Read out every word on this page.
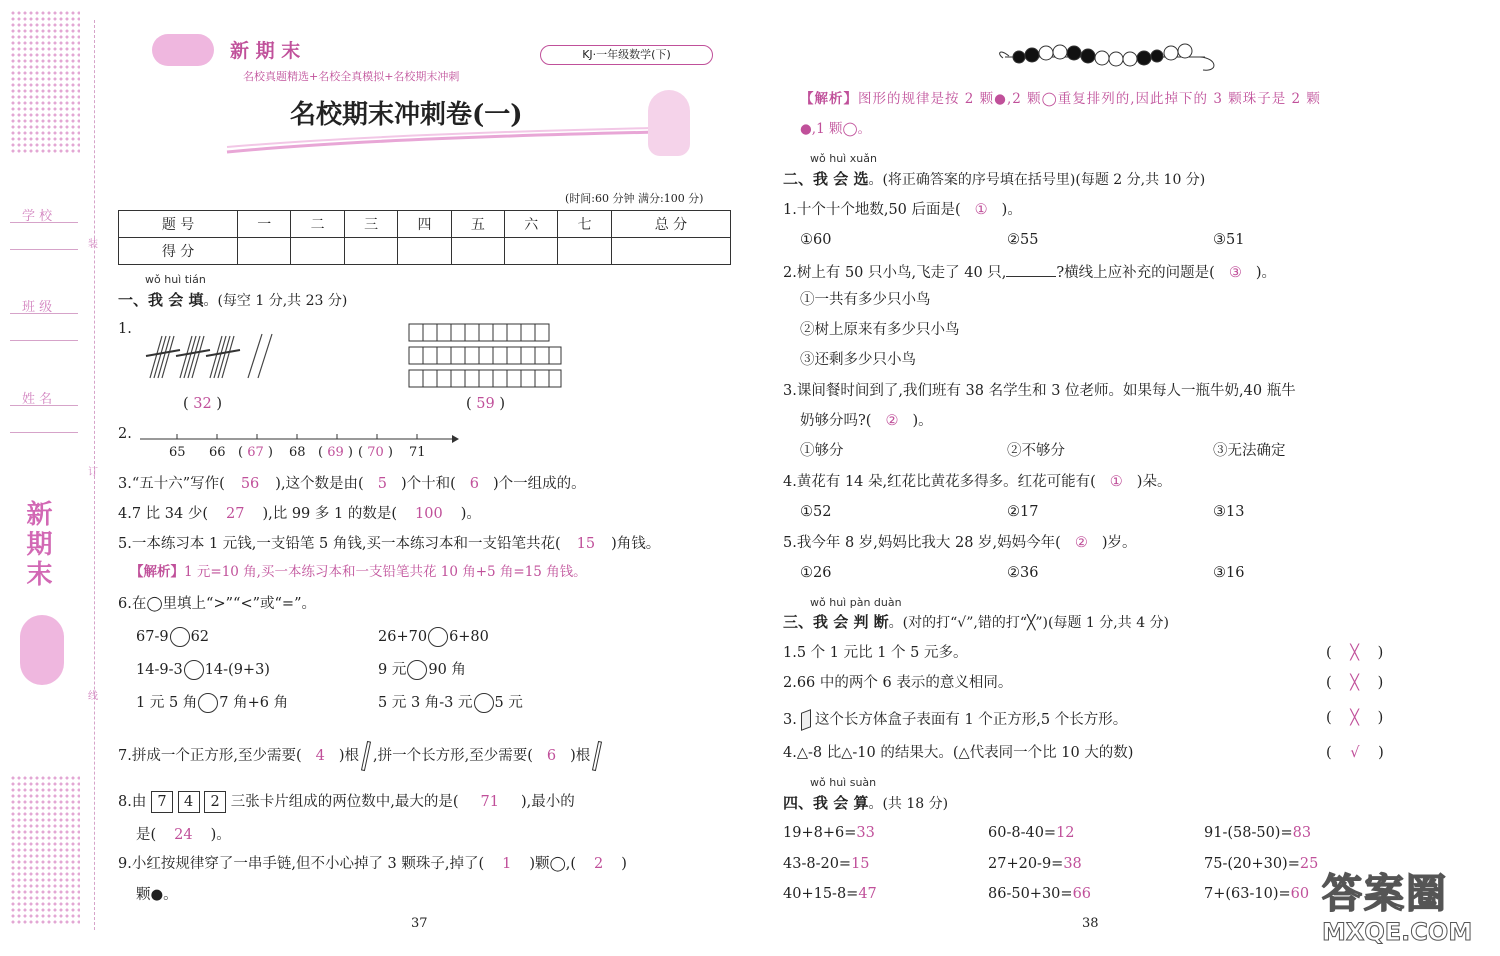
学 校
班 级
姓 名
装
订
线
新期末
新 期 末
名校真题精选+名校全真模拟+名校期末冲刺
KJ·一年级数学(下)
名校期末冲刺卷(一)
(时间:60 分钟 满分:100 分)
题 号	一	二	三	四	五	六	七	总 分
得 分								
wǒ huì tián
一、我 会 填。(每空 1 分,共 23 分)
1.
( 32 )	( 59 )
2.
65 66 ( 67 ) 68 ( 69 ) ( 70 ) 71
3.“五十六”写作( 56 ),这个数是由( 5 )个十和( 6 )个一组成的。
4.7 比 34 少( 27 ),比 99 多 1 的数是( 100 )。
5.一本练习本 1 元钱,一支铅笔 5 角钱,买一本练习本和一支铅笔共花( 15 )角钱。
【解析】1 元=10 角,买一本练习本和一支铅笔共花 10 角+5 角=15 角钱。
6.在◯里填上“>”“<”或“=”。
67-9 62	26+70 6+80
14-9-3 14-(9+3)	9 元 90 角
1 元 5 角 7 角+6 角	5 元 3 角-3 元 5 元
7.拼成一个正方形,至少需要( 4 )根 ,拼一个长方形,至少需要( 6 )根
8.由 7 4 2 三张卡片组成的两位数中,最大的是( 71 ),最小的
是( 24 )。
9.小红按规律穿了一串手链,但不小心掉了 3 颗珠子,掉了( 1 )颗◯,( 2 )
颗●。
37
【解析】图形的规律是按 2 颗●,2 颗◯重复排列的,因此掉下的 3 颗珠子是 2 颗
●,1 颗◯。
wǒ huì xuǎn
二、我 会 选。(将正确答案的序号填在括号里)(每题 2 分,共 10 分)
1.十个十个地数,50 后面是( ① )。
①60	②55	③51
2.树上有 50 只小鸟,飞走了 40 只,	?横线上应补充的问题是( ③ )。
①一共有多少只小鸟
②树上原来有多少只小鸟
③还剩多少只小鸟
3.课间餐时间到了,我们班有 38 名学生和 3 位老师。如果每人一瓶牛奶,40 瓶牛
奶够分吗?( ② )。
①够分	②不够分	③无法确定
4.黄花有 14 朵,红花比黄花多得多。红花可能有( ① )朵。
①52	②17	③13
5.我今年 8 岁,妈妈比我大 28 岁,妈妈今年( ② )岁。
①26	②36	③16
wǒ huì pàn duàn
三、我 会 判 断。(对的打“√”,错的打“╳”)(每题 1 分,共 4 分)
1.5 个 1 元比 1 个 5 元多。	( ╳ )
2.66 中的两个 6 表示的意义相同。	( ╳ )
3. 这个长方体盒子表面有 1 个正方形,5 个长方形。	( ╳ )
4.△-8 比△-10 的结果大。(△代表同一个比 10 大的数)	( √ )
wǒ huì suàn
四、我 会 算。(共 18 分)
19+8+6=33	60-8-40=12	91-(58-50)=83
43-8-20=15	27+20-9=38	75-(20+30)=25
40+15-8=47	86-50+30=66	7+(63-10)=60
38
答案圈
MXQE.COM
